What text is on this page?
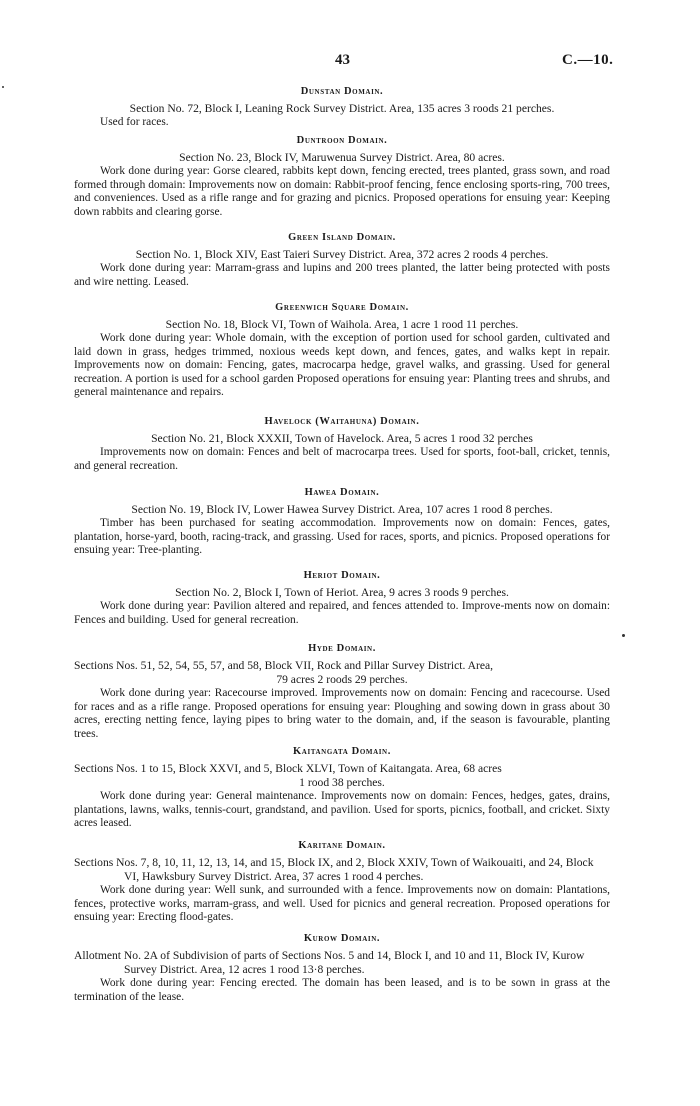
43	C.—10.

Dunstan Domain.

Section No. 72, Block I, Leaning Rock Survey District. Area, 135 acres 3 roods 21 perches.

Used for races.

Duntroon Domain.

Section No. 23, Block IV, Maruwenua Survey District. Area, 80 acres.

Work done during year: Gorse cleared, rabbits kept down, fencing erected, trees planted, grass sown, and road formed through domain: Improvements now on domain: Rabbit-proof fencing, fence enclosing sports-ring, 700 trees, and conveniences. Used as a rifle range and for grazing and picnics. Proposed operations for ensuing year: Keeping down rabbits and clearing gorse.

Green Island Domain.

Section No. 1, Block XIV, East Taieri Survey District. Area, 372 acres 2 roods 4 perches.

Work done during year: Marram-grass and lupins and 200 trees planted, the latter being protected with posts and wire netting. Leased.

Greenwich Square Domain.

Section No. 18, Block VI, Town of Waihola. Area, 1 acre 1 rood 11 perches.

Work done during year: Whole domain, with the exception of portion used for school garden, cultivated and laid down in grass, hedges trimmed, noxious weeds kept down, and fences, gates, and walks kept in repair. Improvements now on domain: Fencing, gates, macrocarpa hedge, gravel walks, and grassing. Used for general recreation. A portion is used for a school garden Proposed operations for ensuing year: Planting trees and shrubs, and general maintenance and repairs.

Havelock (Waitahuna) Domain.

Section No. 21, Block XXXII, Town of Havelock. Area, 5 acres 1 rood 32 perches

Improvements now on domain: Fences and belt of macrocarpa trees. Used for sports, foot-ball, cricket, tennis, and general recreation.

Hawea Domain.

Section No. 19, Block IV, Lower Hawea Survey District. Area, 107 acres 1 rood 8 perches.

Timber has been purchased for seating accommodation. Improvements now on domain: Fences, gates, plantation, horse-yard, booth, racing-track, and grassing. Used for races, sports, and picnics. Proposed operations for ensuing year: Tree-planting.

Heriot Domain.

Section No. 2, Block I, Town of Heriot. Area, 9 acres 3 roods 9 perches.

Work done during year: Pavilion altered and repaired, and fences attended to. Improve-ments now on domain: Fences and building. Used for general recreation.

Hyde Domain.

Sections Nos. 51, 52, 54, 55, 57, and 58, Block VII, Rock and Pillar Survey District. Area,

79 acres 2 roods 29 perches.

Work done during year: Racecourse improved. Improvements now on domain: Fencing and racecourse. Used for races and as a rifle range. Proposed operations for ensuing year: Ploughing and sowing down in grass about 30 acres, erecting netting fence, laying pipes to bring water to the domain, and, if the season is favourable, planting trees.

Kaitangata Domain.

Sections Nos. 1 to 15, Block XXVI, and 5, Block XLVI, Town of Kaitangata. Area, 68 acres

1 rood 38 perches.

Work done during year: General maintenance. Improvements now on domain: Fences, hedges, gates, drains, plantations, lawns, walks, tennis-court, grandstand, and pavilion. Used for sports, picnics, football, and cricket. Sixty acres leased.

Karitane Domain.

Sections Nos. 7, 8, 10, 11, 12, 13, 14, and 15, Block IX, and 2, Block XXIV, Town of Waikouaiti, and 24, Block VI, Hawksbury Survey District. Area, 37 acres 1 rood 4 perches.

Work done during year: Well sunk, and surrounded with a fence. Improvements now on domain: Plantations, fences, protective works, marram-grass, and well. Used for picnics and general recreation. Proposed operations for ensuing year: Erecting flood-gates.

Kurow Domain.

Allotment No. 2A of Subdivision of parts of Sections Nos. 5 and 14, Block I, and 10 and 11, Block IV, Kurow Survey District. Area, 12 acres 1 rood 13·8 perches.

Work done during year: Fencing erected. The domain has been leased, and is to be sown in grass at the termination of the lease.
